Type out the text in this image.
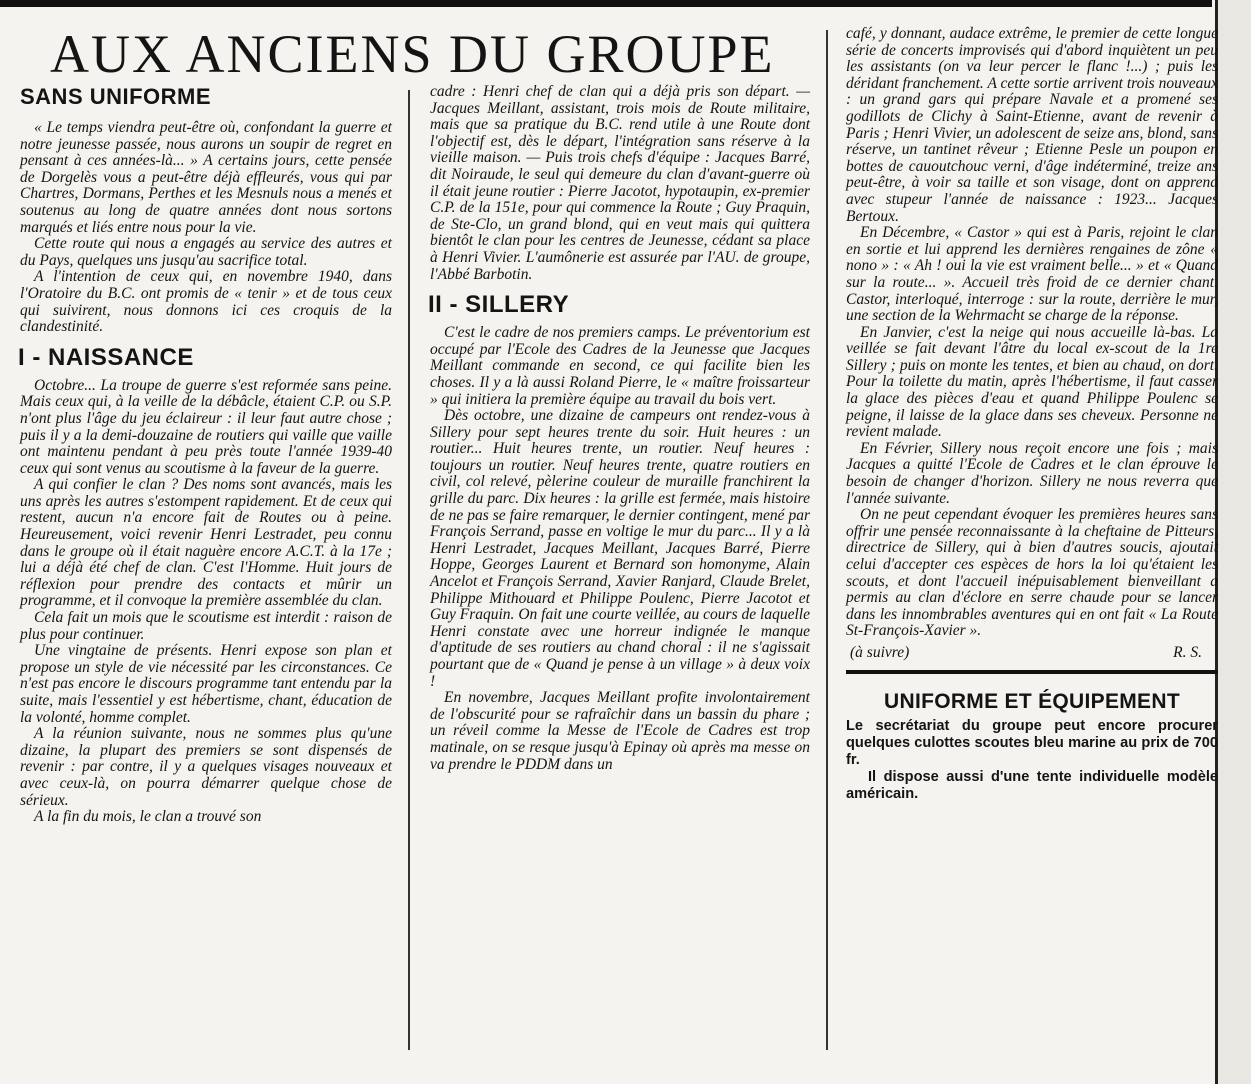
AUX ANCIENS DU GROUPE
SANS UNIFORME

« Le temps viendra peut-être où, confondant la guerre et notre jeunesse passée, nous aurons un soupir de regret en pensant à ces années-là... » A certains jours, cette pensée de Dorgelès vous a peut-être déjà effleurés, vous qui par Chartres, Dormans, Perthes et les Mesnuls nous a menés et soutenus au long de quatre années dont nous sortons marqués et liés entre nous pour la vie.

Cette route qui nous a engagés au service des autres et du Pays, quelques uns jusqu'au sacrifice total.

A l'intention de ceux qui, en novembre 1940, dans l'Oratoire du B.C. ont promis de « tenir » et de tous ceux qui suivirent, nous donnons ici ces croquis de la clandestinité.

I - NAISSANCE

Octobre... La troupe de guerre s'est reformée sans peine. Mais ceux qui, à la veille de la débâcle, étaient C.P. ou S.P. n'ont plus l'âge du jeu éclaireur : il leur faut autre chose ; puis il y a la demi-douzaine de routiers qui vaille que vaille ont maintenu pendant à peu près toute l'année 1939-40 ceux qui sont venus au scoutisme à la faveur de la guerre.

A qui confier le clan ? Des noms sont avancés, mais les uns après les autres s'estompent rapidement. Et de ceux qui restent, aucun n'a encore fait de Routes ou à peine. Heureusement, voici revenir Henri Lestradet, peu connu dans le groupe où il était naguère encore A.C.T. à la 17e ; lui a déjà été chef de clan. C'est l'Homme. Huit jours de réflexion pour prendre des contacts et mûrir un programme, et il convoque la première assemblée du clan.

Cela fait un mois que le scoutisme est interdit : raison de plus pour continuer.

Une vingtaine de présents. Henri expose son plan et propose un style de vie nécessité par les circonstances. Ce n'est pas encore le discours programme tant entendu par la suite, mais l'essentiel y est hébertisme, chant, éducation de la volonté, homme complet.

A la réunion suivante, nous ne sommes plus qu'une dizaine, la plupart des premiers se sont dispensés de revenir : par contre, il y a quelques visages nouveaux et avec ceux-là, on pourra démarrer quelque chose de sérieux.

A la fin du mois, le clan a trouvé son

cadre : Henri chef de clan qui a déjà pris son départ. — Jacques Meillant, assistant, trois mois de Route militaire, mais que sa pratique du B.C. rend utile à une Route dont l'objectif est, dès le départ, l'intégration sans réserve à la vieille maison. — Puis trois chefs d'équipe : Jacques Barré, dit Noiraude, le seul qui demeure du clan d'avant-guerre où il était jeune routier : Pierre Jacotot, hypotaupin, ex-premier C.P. de la 151e, pour qui commence la Route ; Guy Praquin, de Ste-Clo, un grand blond, qui en veut mais qui quittera bientôt le clan pour les centres de Jeunesse, cédant sa place à Henri Vivier. L'aumônerie est assurée par l'AU. de groupe, l'Abbé Barbotin.

II - SILLERY

C'est le cadre de nos premiers camps. Le préventorium est occupé par l'Ecole des Cadres de la Jeunesse que Jacques Meillant commande en second, ce qui facilite bien les choses. Il y a là aussi Roland Pierre, le « maître froissarteur » qui initiera la première équipe au travail du bois vert.

Dès octobre, une dizaine de campeurs ont rendez-vous à Sillery pour sept heures trente du soir. Huit heures : un routier... Huit heures trente, un routier. Neuf heures : toujours un routier. Neuf heures trente, quatre routiers en civil, col relevé, pèlerine couleur de muraille franchirent la grille du parc. Dix heures : la grille est fermée, mais histoire de ne pas se faire remarquer, le dernier contingent, mené par François Serrand, passe en voltige le mur du parc... Il y a là Henri Lestradet, Jacques Meillant, Jacques Barré, Pierre Hoppe, Georges Laurent et Bernard son homonyme, Alain Ancelot et François Serrand, Xavier Ranjard, Claude Brelet, Philippe Mithouard et Philippe Poulenc, Pierre Jacotot et Guy Fraquin. On fait une courte veillée, au cours de laquelle Henri constate avec une horreur indignée le manque d'aptitude de ses routiers au chand choral : il ne s'agissait pourtant que de « Quand je pense à un village » à deux voix !

En novembre, Jacques Meillant profite involontairement de l'obscurité pour se rafraîchir dans un bassin du phare ; un réveil comme la Messe de l'Ecole de Cadres est trop matinale, on se resque jusqu'à Epinay où après ma messe on va prendre le PDDM dans un

café, y donnant, audace extrême, le premier de cette longue série de concerts improvisés qui d'abord inquiètent un peu les assistants (on va leur percer le flanc !...) ; puis les déridant franchement. A cette sortie arrivent trois nouveaux : un grand gars qui prépare Navale et a promené ses godillots de Clichy à Saint-Etienne, avant de revenir à Paris ; Henri Vivier, un adolescent de seize ans, blond, sans réserve, un tantinet rêveur ; Etienne Pesle un poupon en bottes de cauoutchouc verni, d'âge indéterminé, treize ans peut-être, à voir sa taille et son visage, dont on apprend avec stupeur l'année de naissance : 1923... Jacques Bertoux.

En Décembre, « Castor » qui est à Paris, rejoint le clan en sortie et lui apprend les dernières rengaines de zône « nono » : « Ah ! oui la vie est vraiment belle... » et « Quand sur la route... ». Accueil très froid de ce dernier chant. Castor, interloqué, interroge : sur la route, derrière le mur, une section de la Wehrmacht se charge de la réponse.

En Janvier, c'est la neige qui nous accueille là-bas. La veillée se fait devant l'âtre du local ex-scout de la 1re Sillery ; puis on monte les tentes, et bien au chaud, on dort. Pour la toilette du matin, après l'hébertisme, il faut casser la glace des pièces d'eau et quand Philippe Poulenc se peigne, il laisse de la glace dans ses cheveux. Personne ne revient malade.

En Février, Sillery nous reçoit encore une fois ; mais Jacques a quitté l'Ecole de Cadres et le clan éprouve le besoin de changer d'horizon. Sillery ne nous reverra que l'année suivante.

On ne peut cependant évoquer les premières heures sans offrir une pensée reconnaissante à la cheftaine de Pitteurs, directrice de Sillery, qui à bien d'autres soucis, ajoutait celui d'accepter ces espèces de hors la loi qu'étaient les scouts, et dont l'accueil inépuisablement bienveillant a permis au clan d'éclore en serre chaude pour se lancer dans les innombrables aventures qui en ont fait « La Route St-François-Xavier ».

(à suivre)	R. S.
UNIFORME ET ÉQUIPEMENT

Le secrétariat du groupe peut encore procurer quelques culottes scoutes bleu marine au prix de 700 fr.

Il dispose aussi d'une tente individuelle modèle américain.
